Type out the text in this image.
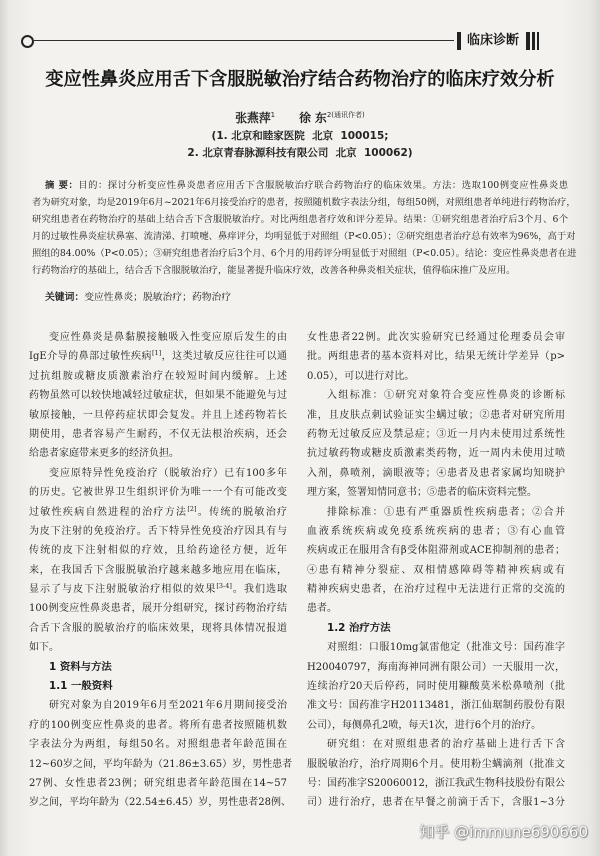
临床诊断
变应性鼻炎应用舌下含服脱敏治疗结合药物治疗的临床疗效分析
张燕萍$^1$ 徐 东$^{2(通讯作者)}$
(1. 北京和睦家医院  北京  100015;
2. 北京青春脉源科技有限公司  北京  100062)
摘 要：目的：探讨分析变应性鼻炎患者应用舌下含服脱敏治疗联合药物治疗的临床效果。方法：选取100例变应性鼻炎患
者为研究对象，均是2019年6月~2021年6月接受治疗的患者，按照随机数字表法分组，每组50例，对照组患者单纯进行药物治疗，
研究组患者在药物治疗的基础上结合舌下含服脱敏治疗。对比两组患者疗效和评分差异。结果：①研究组患者治疗后3个月、6个
月的过敏性鼻炎症状鼻塞、流清涕、打喷嚏、鼻痒评分，均明显低于对照组（P<0.05）；②研究组患者治疗总有效率为96%，高于对
照组的84.00%（P<0.05）；③研究组患者治疗后3个月、6个月的用药评分明显低于对照组（P<0.05）。结论：变应性鼻炎患者在进
行药物治疗的基础上，结合舌下含服脱敏治疗，能显著提升临床疗效，改善各种鼻炎相关症状，值得临床推广及应用。
关键词：变应性鼻炎；脱敏治疗；药物治疗
变应性鼻炎是鼻黏膜接触吸入性变应原后发生的由
IgE介导的鼻部过敏性疾病[1]，这类过敏反应往往可以通
过抗组胺或糖皮质激素治疗在较短时间内缓解。上述
药物虽然可以较快地减轻过敏症状，但如果不能避免与过
敏原接触，一旦停药症状即会复发。并且上述药物若长
期使用，患者容易产生耐药，不仅无法根治疾病，还会
给患者家庭带来更多的经济负担。
变应原特异性免疫治疗（脱敏治疗）已有100多年
的历史。它被世界卫生组织评价为唯一一个有可能改变
过敏性疾病自然进程的治疗方法[2]。传统的脱敏治疗
为皮下注射的免疫治疗。舌下特异性免疫治疗因具有与
传统的皮下注射相似的疗效，且给药途径方便，近年
来，在我国舌下含服脱敏治疗越来越多地应用在临床，
显示了与皮下注射脱敏治疗相似的效果[3-4]。我们选取
100例变应性鼻炎患者，展开分组研究，探讨药物治疗结
合舌下含服的脱敏治疗的临床效果，现将具体情况报道
如下。
1 资料与方法
1.1 一般资料
研究对象为自2019年6月至2021年6月期间接受治
疗的100例变应性鼻炎的患者。将所有患者按照随机数
字表法分为两组，每组50名。对照组患者年龄范围在
12~60岁之间，平均年龄为（21.86±3.65）岁，男性患者
27例、女性患者23例；研究组患者年龄范围在14~57
岁之间，平均年龄为（22.54±6.45）岁，男性患者28例、
女性患者22例。此次实验研究已经通过伦理委员会审
批。两组患者的基本资料对比，结果无统计学差异（p>
0.05），可以进行对比。
入组标准：①研究对象符合变应性鼻炎的诊断标
准，且皮肤点刺试验证实尘螨过敏；②患者对研究所用
药物无过敏反应及禁忌症；③近一月内未使用过系统性
抗过敏药物或糖皮质激素类药物，近一周内未使用过喷
入剂，鼻喷剂，滴眼液等；④患者及患者家属均知晓护
理方案，签署知情同意书；⑤患者的临床资料完整。
排除标准：①患有严重器质性疾病患者；②合并
血液系统疾病或免疫系统疾病的患者；③有心血管
疾病或正在服用含有β受体阻滞剂或ACE抑制剂的患者；
④患有精神分裂症、双相情感障碍等精神疾病或有
精神疾病史患者，在治疗过程中无法进行正常的交流的
患者。
1.2 治疗方法
对照组：口服10mg氯雷他定（批准文号：国药准字
H20040797，海南海神同洲有限公司）一天服用一次，
连续治疗20天后停药，同时使用糠酸莫米松鼻喷剂（批
准文号：国药准字H20113481，浙江仙琚制药股份有限
公司），每侧鼻孔2喷，每天1次，进行6个月的治疗。
研究组：在对照组患者的治疗基础上进行舌下含
服脱敏治疗，治疗周期6个月。使用粉尘螨滴剂（批准文
号：国药准字S20060012，浙江我武生物科技股份有限公
司）进行治疗，患者在早餐之前滴于舌下，含服1~3分
知乎 @immune690660
